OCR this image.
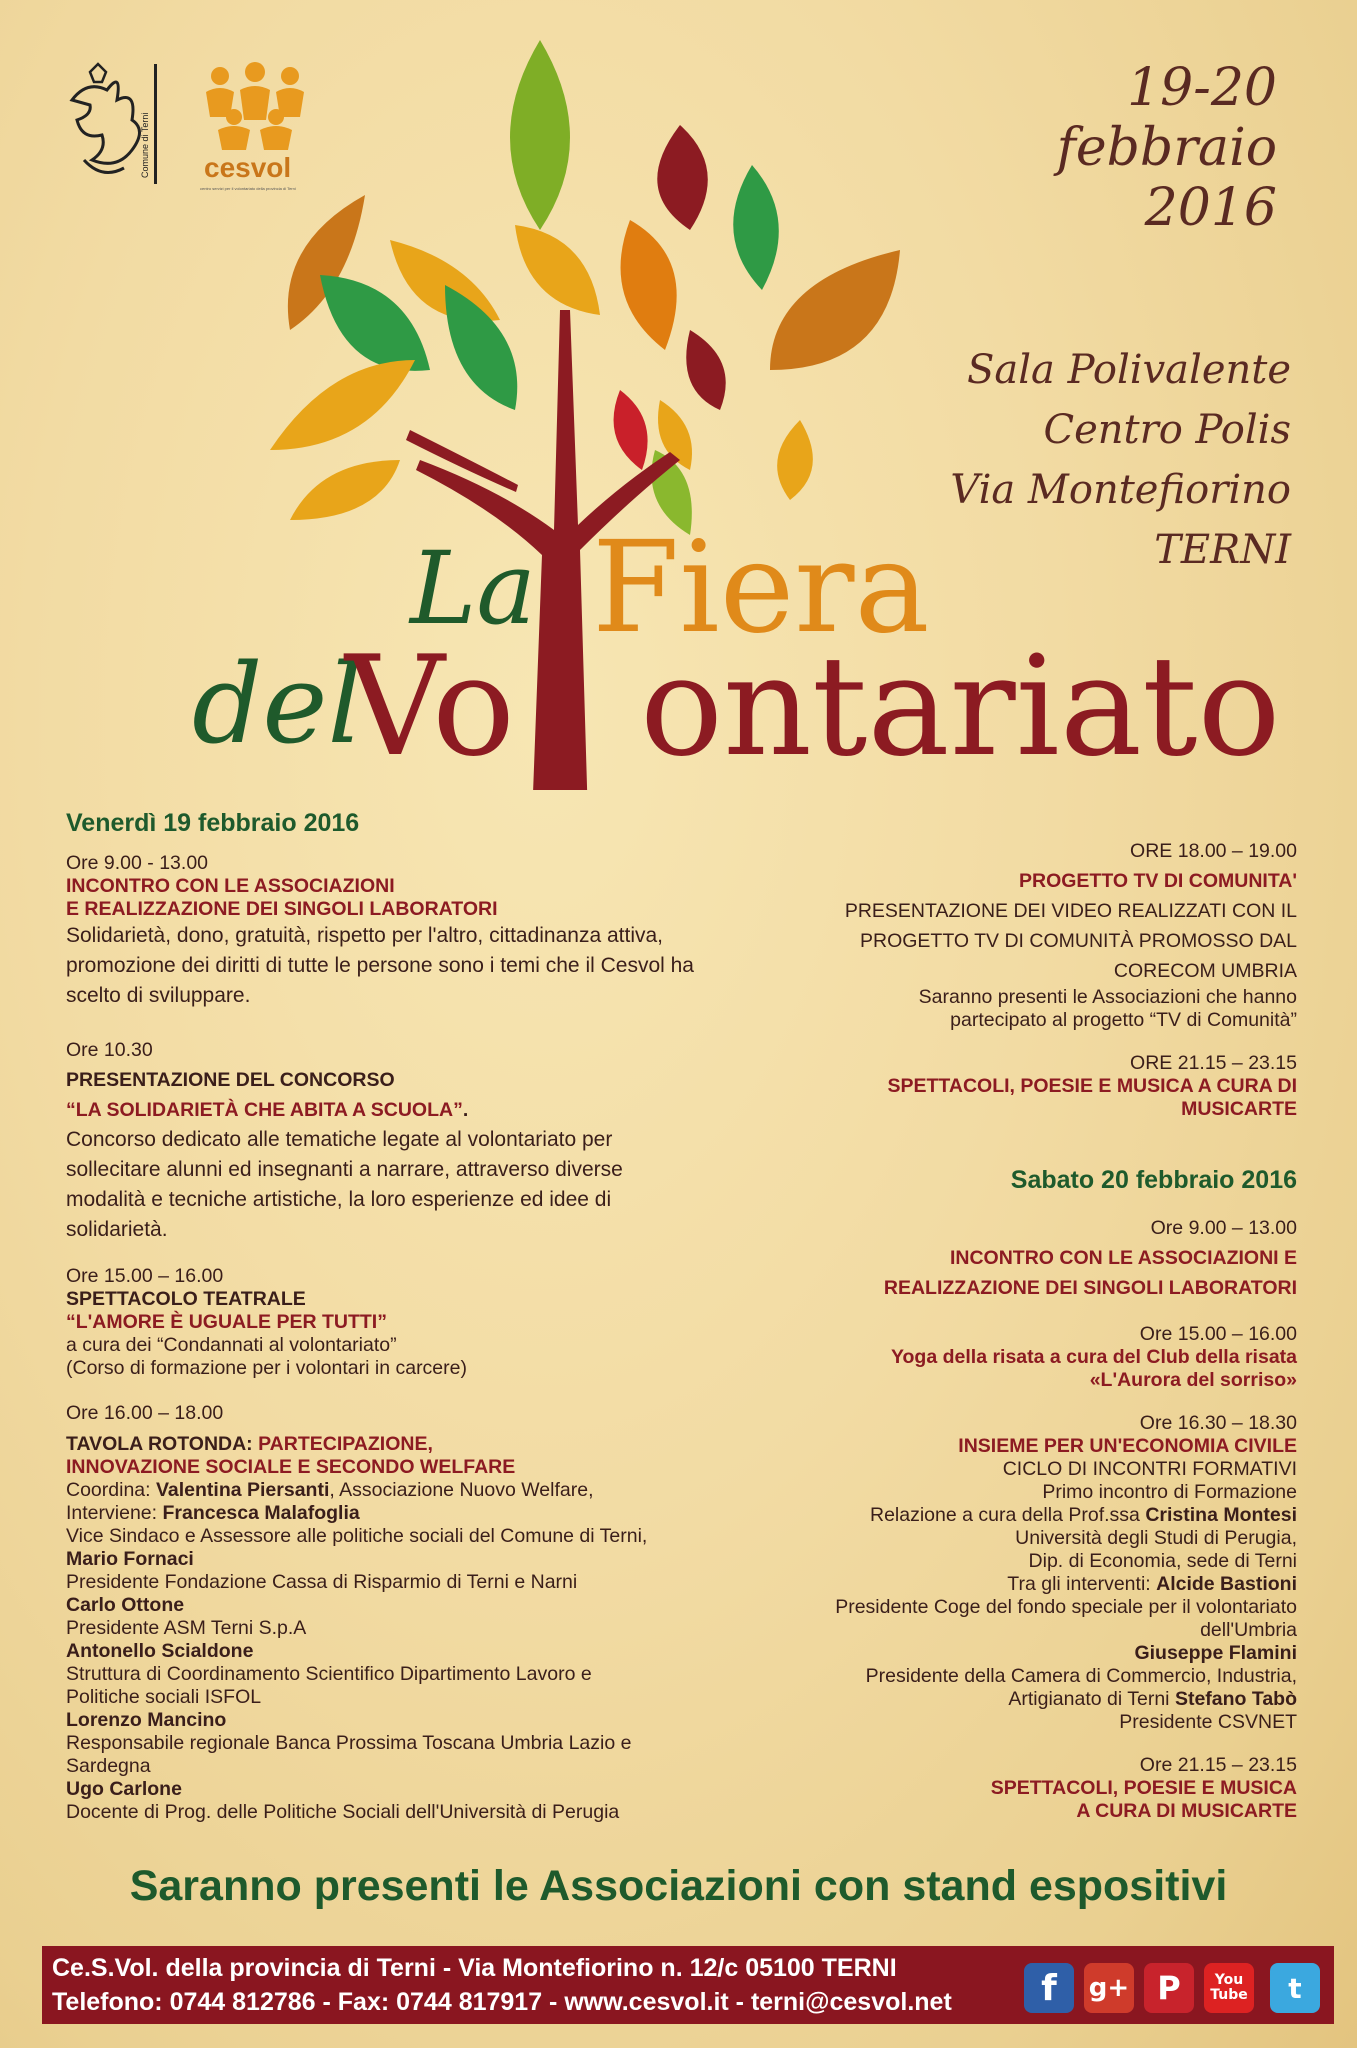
Comune di Terni cesvol
centro servizi per il volontariato della provincia di Terni
19-20
febbraio
2016
Sala Polivalente
Centro Polis
Via Montefiorino
TERNI
La Fiera
del
Vo ontariato
Venerdì 19 febbraio 2016
Ore 9.00 - 13.00
INCONTRO CON LE ASSOCIAZIONI
E REALIZZAZIONE DEI SINGOLI LABORATORI
Solidarietà, dono, gratuità, rispetto per l'altro, cittadinanza attiva,
promozione dei diritti di tutte le persone sono i temi che il Cesvol ha
scelto di sviluppare.
Ore 10.30
PRESENTAZIONE DEL CONCORSO
“LA SOLIDARIETÀ CHE ABITA A SCUOLA”.
Concorso dedicato alle tematiche legate al volontariato per
sollecitare alunni ed insegnanti a narrare, attraverso diverse
modalità e tecniche artistiche, la loro esperienze ed idee di
solidarietà.
Ore 15.00 – 16.00
SPETTACOLO TEATRALE
“L'AMORE È UGUALE PER TUTTI”
a cura dei “Condannati al volontariato”
(Corso di formazione per i volontari in carcere)
Ore 16.00 – 18.00
TAVOLA ROTONDA: PARTECIPAZIONE,
INNOVAZIONE SOCIALE E SECONDO WELFARE
Coordina: Valentina Piersanti, Associazione Nuovo Welfare,
Interviene: Francesca Malafoglia
Vice Sindaco e Assessore alle politiche sociali del Comune di Terni,
Mario Fornaci
Presidente Fondazione Cassa di Risparmio di Terni e Narni
Carlo Ottone
Presidente ASM Terni S.p.A
Antonello Scialdone
Struttura di Coordinamento Scientifico Dipartimento Lavoro e
Politiche sociali ISFOL
Lorenzo Mancino
Responsabile regionale Banca Prossima Toscana Umbria Lazio e
Sardegna
Ugo Carlone
Docente di Prog. delle Politiche Sociali dell'Università di Perugia
ORE 18.00 – 19.00
PROGETTO TV DI COMUNITA'
PRESENTAZIONE DEI VIDEO REALIZZATI CON IL
PROGETTO TV DI COMUNITÀ PROMOSSO DAL
CORECOM UMBRIA
Saranno presenti le Associazioni che hanno
partecipato al progetto “TV di Comunità”
ORE 21.15 – 23.15
SPETTACOLI, POESIE E MUSICA A CURA DI
MUSICARTE
Sabato 20 febbraio 2016
Ore 9.00 – 13.00
INCONTRO CON LE ASSOCIAZIONI E
REALIZZAZIONE DEI SINGOLI LABORATORI
Ore 15.00 – 16.00
Yoga della risata a cura del Club della risata
«L'Aurora del sorriso»
Ore 16.30 – 18.30
INSIEME PER UN'ECONOMIA CIVILE
CICLO DI INCONTRI FORMATIVI
Primo incontro di Formazione
Relazione a cura della Prof.ssa Cristina Montesi
Università degli Studi di Perugia,
Dip. di Economia, sede di Terni
Tra gli interventi: Alcide Bastioni
Presidente Coge del fondo speciale per il volontariato
dell'Umbria
Giuseppe Flamini
Presidente della Camera di Commercio, Industria,
Artigianato di Terni Stefano Tabò
Presidente CSVNET
Ore 21.15 – 23.15
SPETTACOLI, POESIE E MUSICA
A CURA DI MUSICARTE
Saranno presenti le Associazioni con stand espositivi
Ce.S.Vol. della provincia di Terni - Via Montefiorino n. 12/c 05100 TERNI
Telefono: 0744 812786 - Fax: 0744 817917 - www.cesvol.it - terni@cesvol.net	f	g+ P	You
Tube	t
